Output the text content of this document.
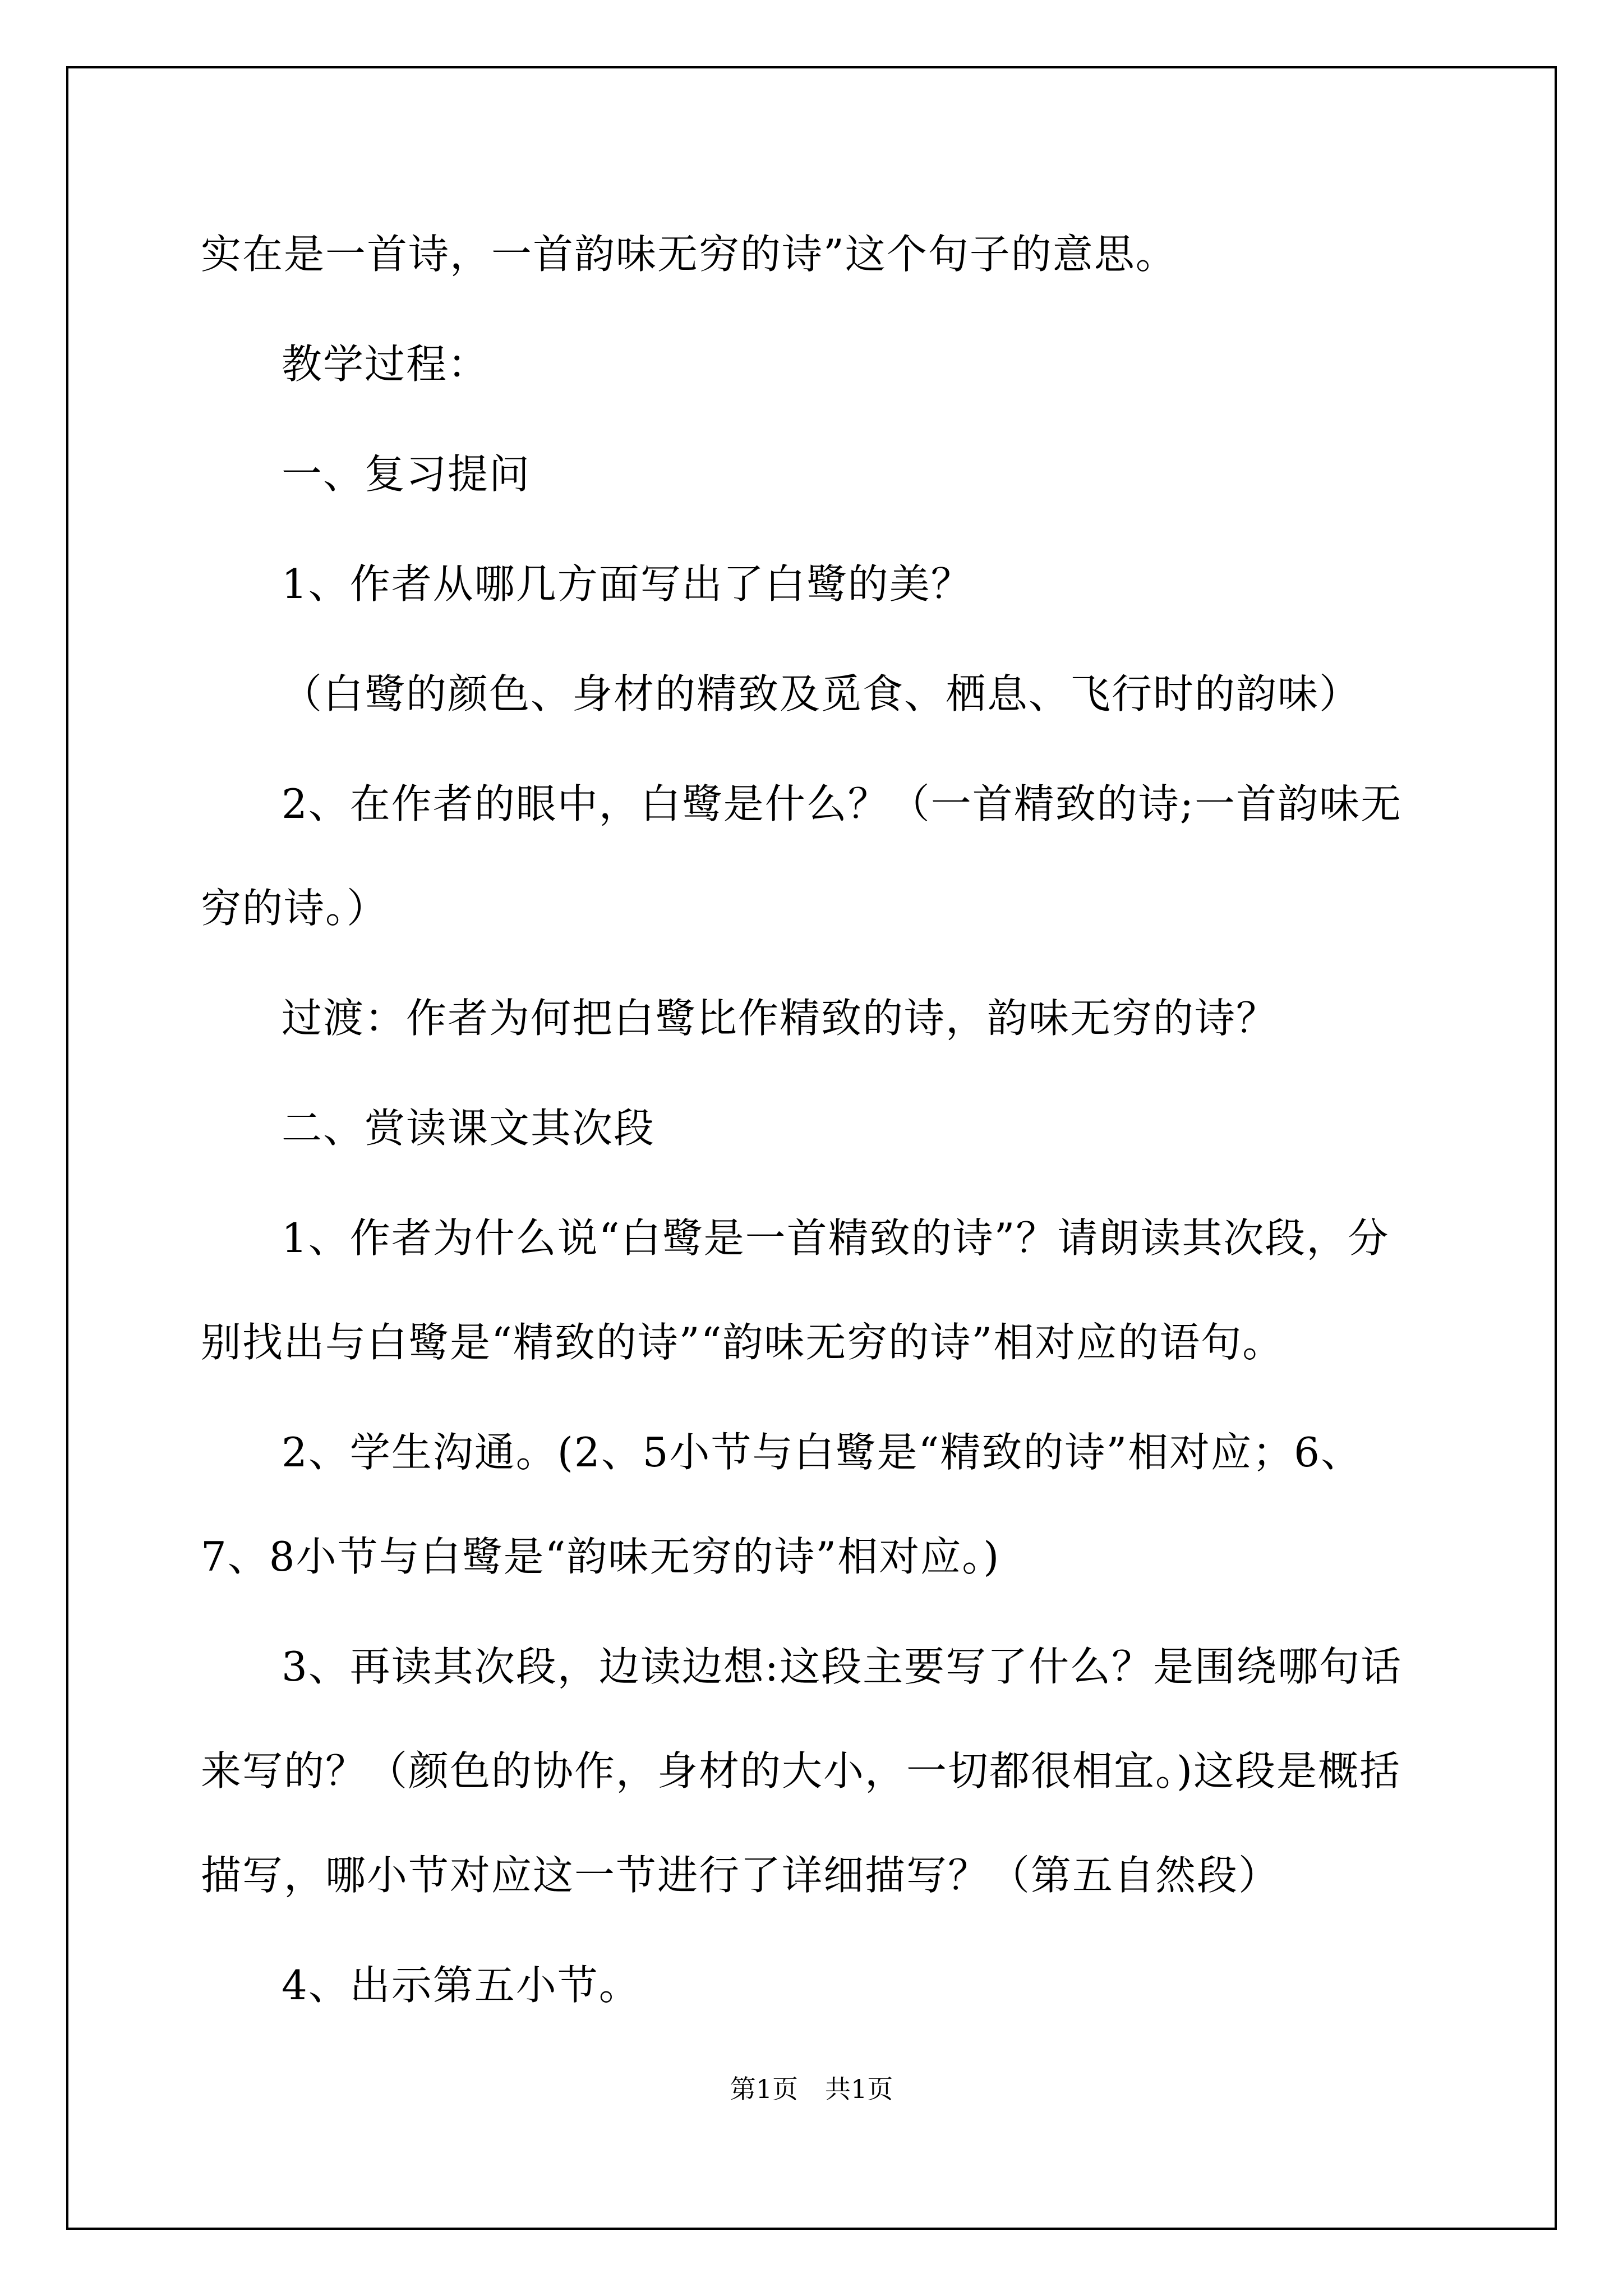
实在是一首诗，一首韵味无穷的诗”这个句子的意思。

教学过程：

一、复习提问

1、作者从哪几方面写出了白鹭的美？

（白鹭的颜色、身材的精致及觅食、栖息、飞行时的韵味）

2、在作者的眼中，白鹭是什么？（一首精致的诗;一首韵味无穷的诗。）

过渡：作者为何把白鹭比作精致的诗，韵味无穷的诗？

二、赏读课文其次段

1、作者为什么说“白鹭是一首精致的诗”？请朗读其次段，分别找出与白鹭是“精致的诗”“韵味无穷的诗”相对应的语句。

2、学生沟通。(2、5小节与白鹭是“精致的诗”相对应；6、7、8小节与白鹭是“韵味无穷的诗”相对应。)

3、再读其次段，边读边想:这段主要写了什么？是围绕哪句话来写的？（颜色的协作，身材的大小，一切都很相宜。)这段是概括描写，哪小节对应这一节进行了详细描写？（第五自然段）

4、出示第五小节。

第1页 共1页
